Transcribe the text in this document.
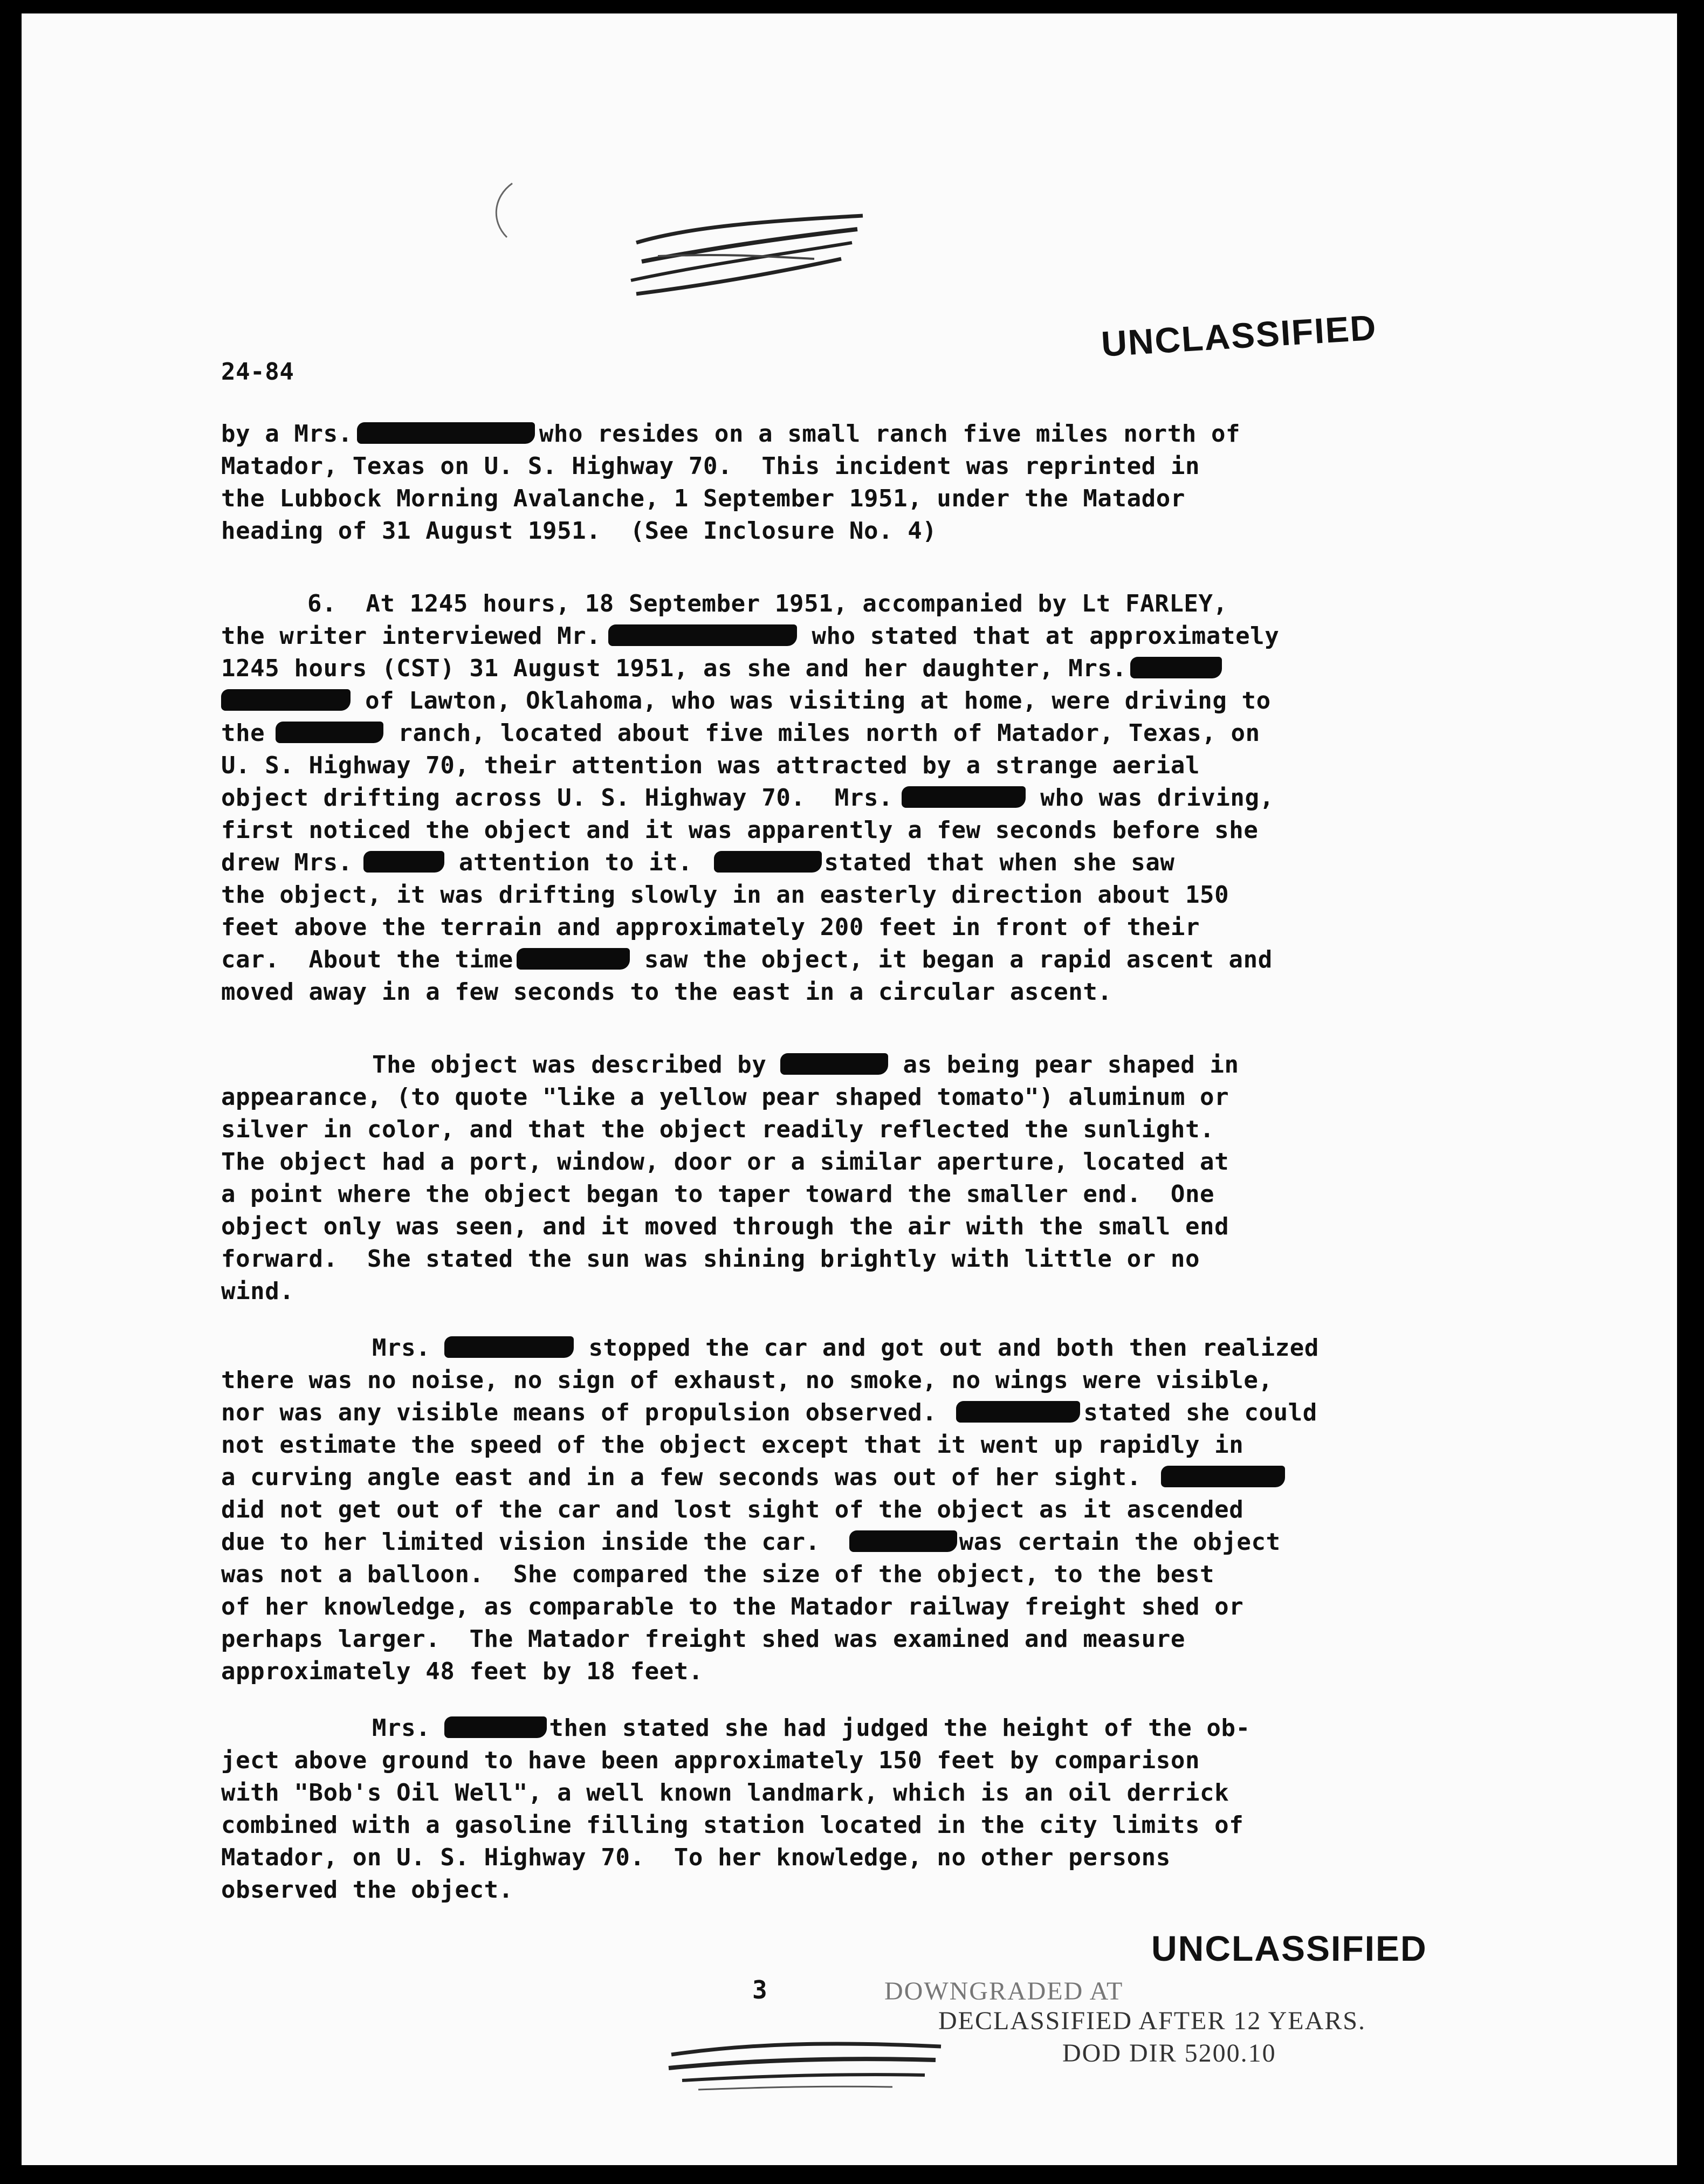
24-84
UNCLASSIFIED
by a Mrs.	who resides on a small ranch five miles north of
Matador, Texas on U. S. Highway 70.  This incident was reprinted in
the Lubbock Morning Avalanche, 1 September 1951, under the Matador
heading of 31 August 1951.  (See Inclosure No. 4)
6.  At 1245 hours, 18 September 1951, accompanied by Lt FARLEY,
the writer interviewed Mr.	who stated that at approximately
1245 hours (CST) 31 August 1951, as she and her daughter, Mrs.
of Lawton, Oklahoma, who was visiting at home, were driving to
the	ranch, located about five miles north of Matador, Texas, on
U. S. Highway 70, their attention was attracted by a strange aerial
object drifting across U. S. Highway 70.  Mrs.	who was driving,
first noticed the object and it was apparently a few seconds before she
drew Mrs.	attention to it.	stated that when she saw
the object, it was drifting slowly in an easterly direction about 150
feet above the terrain and approximately 200 feet in front of their
car.  About the time	saw the object, it began a rapid ascent and
moved away in a few seconds to the east in a circular ascent.
The object was described by	as being pear shaped in
appearance, (to quote "like a yellow pear shaped tomato") aluminum or
silver in color, and that the object readily reflected the sunlight.
The object had a port, window, door or a similar aperture, located at
a point where the object began to taper toward the smaller end.  One
object only was seen, and it moved through the air with the small end
forward.  She stated the sun was shining brightly with little or no
wind.
Mrs.	stopped the car and got out and both then realized
there was no noise, no sign of exhaust, no smoke, no wings were visible,
nor was any visible means of propulsion observed.	stated she could
not estimate the speed of the object except that it went up rapidly in
a curving angle east and in a few seconds was out of her sight.
did not get out of the car and lost sight of the object as it ascended
due to her limited vision inside the car.	was certain the object
was not a balloon.  She compared the size of the object, to the best
of her knowledge, as comparable to the Matador railway freight shed or
perhaps larger.  The Matador freight shed was examined and measure
approximately 48 feet by 18 feet.
Mrs.	then stated she had judged the height of the ob-
ject above ground to have been approximately 150 feet by comparison
with "Bob's Oil Well", a well known landmark, which is an oil derrick
combined with a gasoline filling station located in the city limits of
Matador, on U. S. Highway 70.  To her knowledge, no other persons
observed the object.
UNCLASSIFIED
3	DOWNGRADED AT
DECLASSIFIED AFTER 12 YEARS.
DOD DIR 5200.10
